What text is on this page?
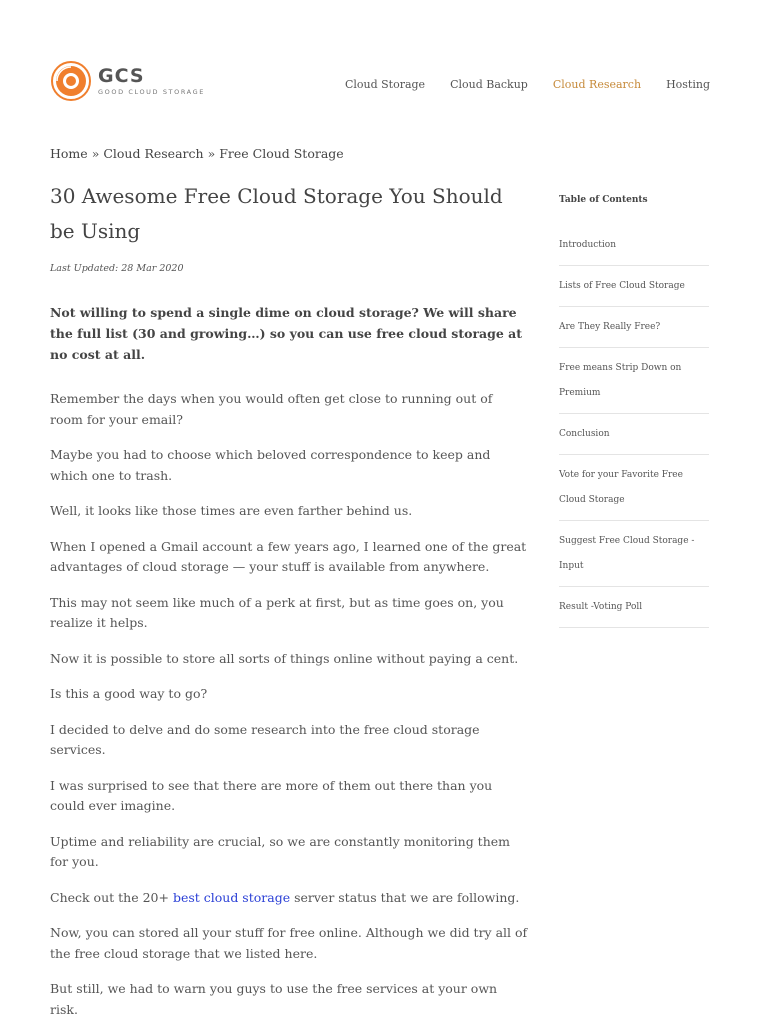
GCS
GOOD CLOUD STORAGE
Cloud Storage Cloud Backup Cloud Research Hosting
Home » Cloud Research » Free Cloud Storage
30 Awesome Free Cloud Storage You Should be Using
Last Updated: 28 Mar 2020

Not willing to spend a single dime on cloud storage? We will share the full list (30 and growing…) so you can use free cloud storage at no cost at all.

Remember the days when you would often get close to running out of room for your email?

Maybe you had to choose which beloved correspondence to keep and which one to trash.

Well, it looks like those times are even farther behind us.

When I opened a Gmail account a few years ago, I learned one of the great advantages of cloud storage — your stuff is available from anywhere.

This may not seem like much of a perk at first, but as time goes on, you realize it helps.

Now it is possible to store all sorts of things online without paying a cent.

Is this a good way to go?

I decided to delve and do some research into the free cloud storage services.

I was surprised to see that there are more of them out there than you could ever imagine.

Uptime and reliability are crucial, so we are constantly monitoring them for you.

Check out the 20+ best cloud storage server status that we are following.

Now, you can stored all your stuff for free online. Although we did try all of the free cloud storage that we listed here.

But still, we had to warn you guys to use the free services at your own risk.

Table of Contents
Introduction
Lists of Free Cloud Storage
Are They Really Free?
Free means Strip Down on Premium
Conclusion
Vote for your Favorite Free Cloud Storage
Suggest Free Cloud Storage - Input
Result -Voting Poll
